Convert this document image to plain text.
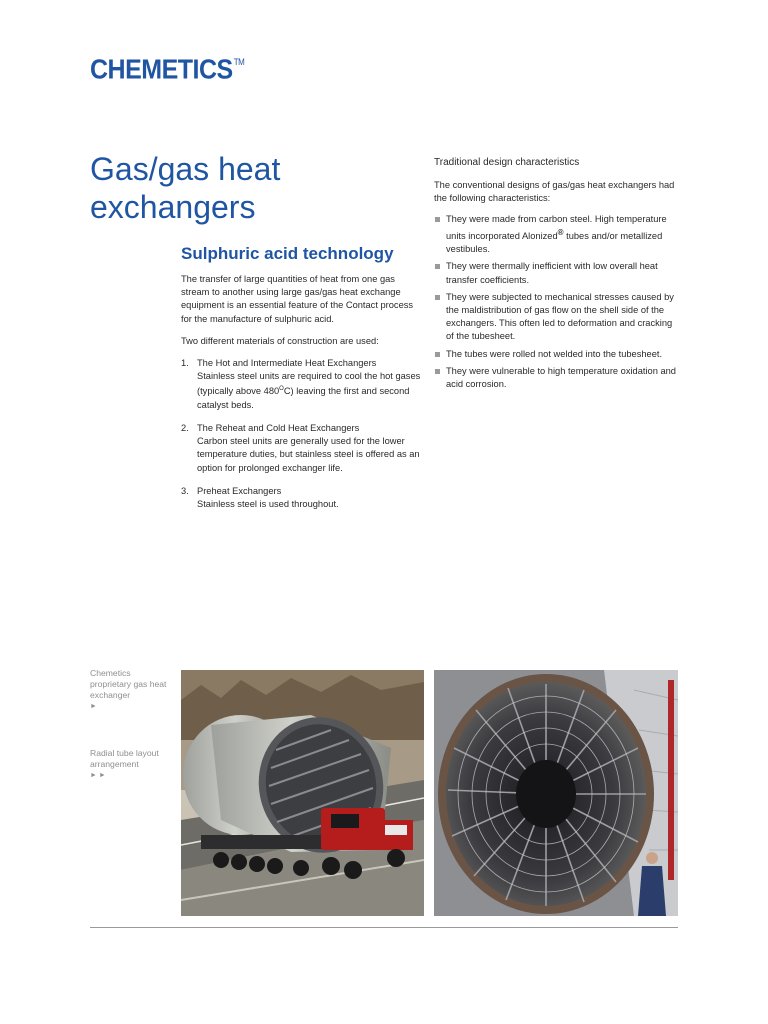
CHEMETICS™
Gas/gas heat exchangers
Sulphuric acid technology

The transfer of large quantities of heat from one gas stream to another using large gas/gas heat exchange equipment is an essential feature of the Contact process for the manufacture of sulphuric acid.

Two different materials of construction are used:

1. The Hot and Intermediate Heat Exchangers
Stainless steel units are required to cool the hot gases (typically above $480^OC$) leaving the first and second catalyst beds.
2. The Reheat and Cold Heat Exchangers
Carbon steel units are generally used for the lower temperature duties, but stainless steel is offered as an option for prolonged exchanger life.
3. Preheat Exchangers
Stainless steel is used throughout.

Traditional design characteristics

The conventional designs of gas/gas heat exchangers had the following characteristics:

They were made from carbon steel. High temperature units incorporated Alonized® tubes and/or metallized vestibules.
They were thermally inefficient with low overall heat transfer coefficients.
They were subjected to mechanical stresses caused by the maldistribution of gas flow on the shell side of the exchangers. This often led to deformation and cracking of the tubesheet.
The tubes were rolled not welded into the tubesheet.
They were vulnerable to high temperature oxidation and acid corrosion.
Chemetics proprietary gas heat exchanger
►
Radial tube layout arrangement
► ►
